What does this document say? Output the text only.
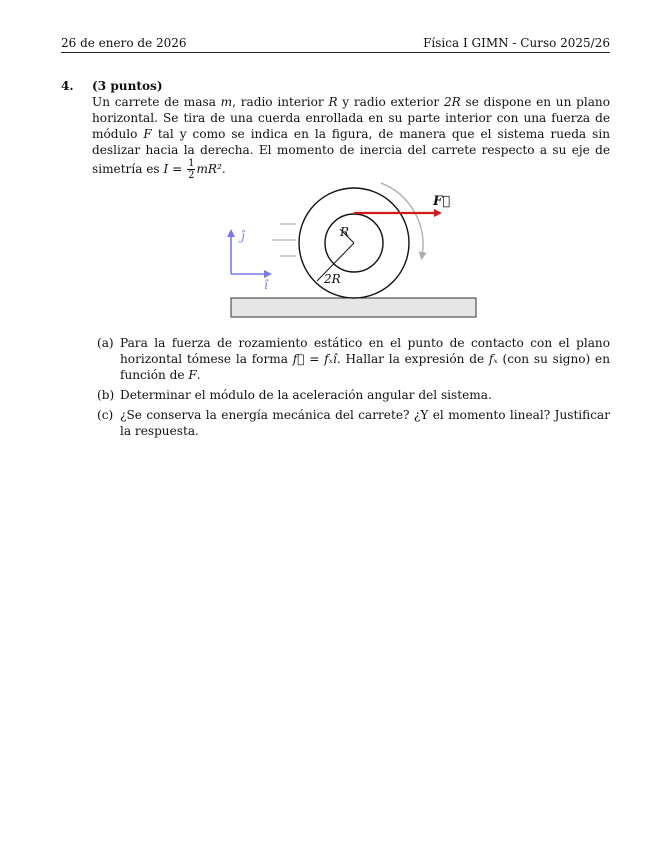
26 de enero de 2026	Física I GIMN - Curso 2025/26
4. (3 puntos)
Un carrete de masa m, radio interior R y radio exterior 2R se dispone en un plano horizontal. Se tira de una cuerda enrollada en su parte interior con una fuerza de módulo F tal y como se indica en la figura, de manera que el sistema rueda sin deslizar hacia la derecha. El momento de inercia del carrete respecto a su eje de simetría es $I = \frac{1}{2} mR^2$.
F⃗
R
2R
ĵ
î
(a) Para la fuerza de rozamiento estático en el punto de contacto con el plano horizontal tómese la forma f⃗ = fₓî. Hallar la expresión de fₓ (con su signo) en función de F.
(b) Determinar el módulo de la aceleración angular del sistema.
(c) ¿Se conserva la energía mecánica del carrete? ¿Y el momento lineal? Justificar la respuesta.
